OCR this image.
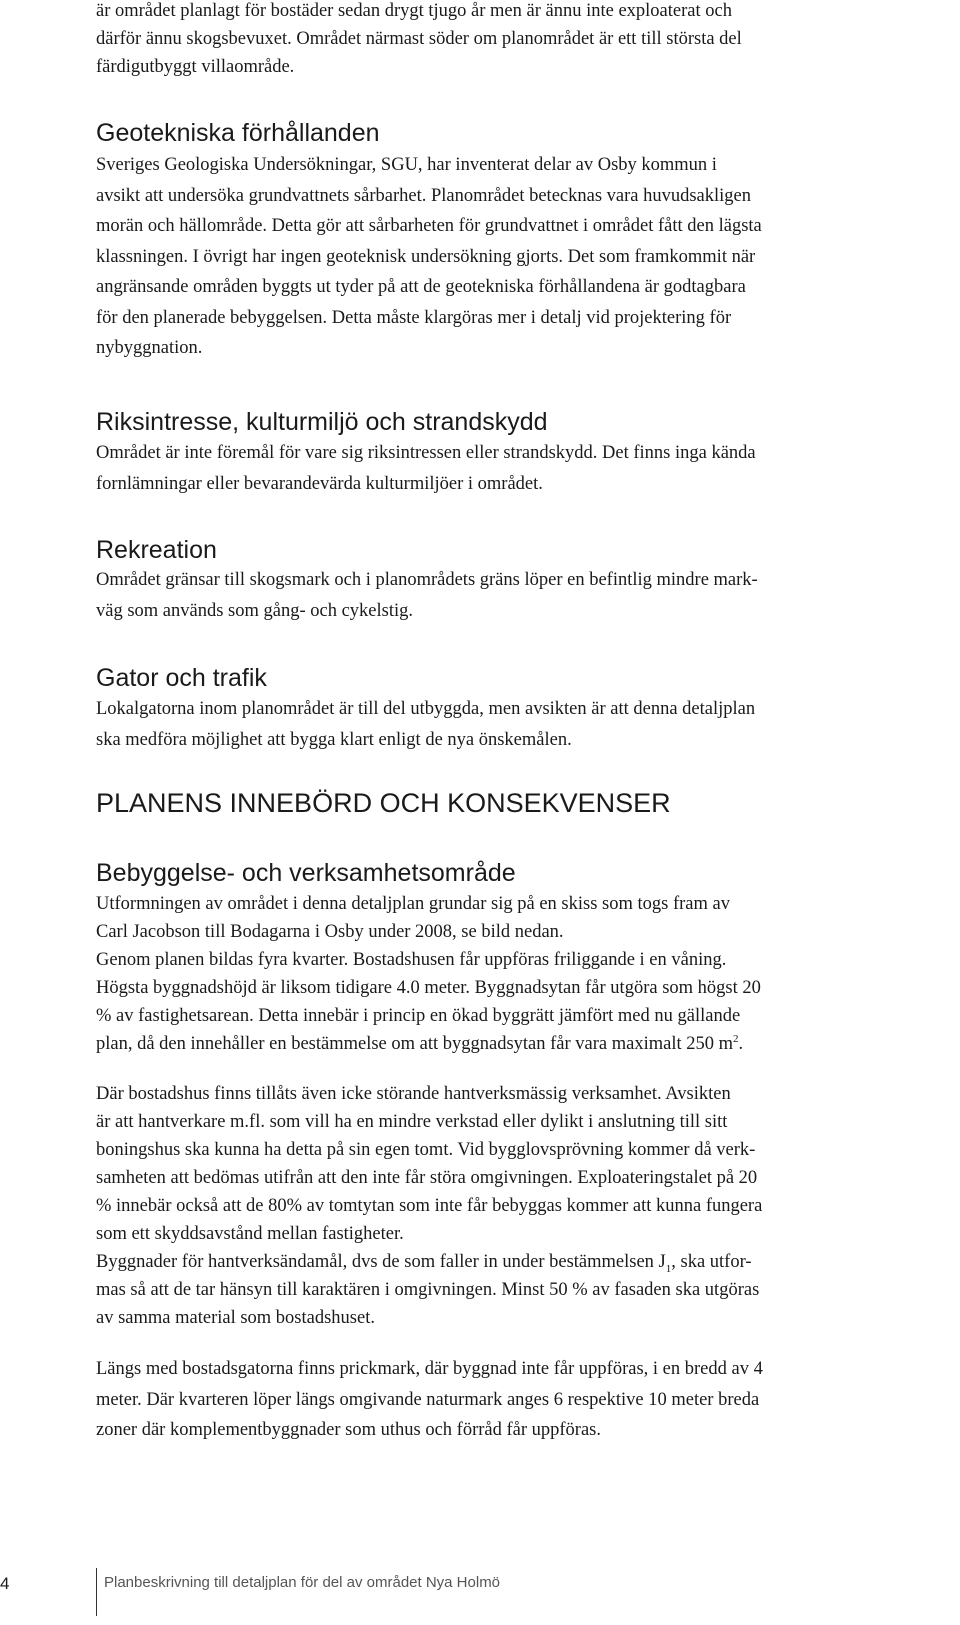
är området planlagt för bostäder sedan drygt tjugo år men är ännu inte exploaterat och

därför ännu skogsbevuxet. Området närmast söder om planområdet är ett till största del

färdigutbyggt villaområde.

Geotekniska förhållanden

Sveriges Geologiska Undersökningar, SGU, har inventerat delar av Osby kommun i

avsikt att undersöka grundvattnets sårbarhet. Planområdet betecknas vara huvudsakligen

morän och hällområde. Detta gör att sårbarheten för grundvattnet i området fått den lägsta

klassningen. I övrigt har ingen geoteknisk undersökning gjorts. Det som framkommit när

angränsande områden byggts ut tyder på att de geotekniska förhållandena är godtagbara

för den planerade bebyggelsen. Detta måste klargöras mer i detalj vid projektering för

nybyggnation.

Riksintresse, kulturmiljö och strandskydd

Området är inte föremål för vare sig riksintressen eller strandskydd. Det finns inga kända

fornlämningar eller bevarandevärda kulturmiljöer i området.

Rekreation

Området gränsar till skogsmark och i planområdets gräns löper en befintlig mindre mark-

väg som används som gång- och cykelstig.

Gator och trafik

Lokalgatorna inom planområdet är till del utbyggda, men avsikten är att denna detaljplan

ska medföra möjlighet att bygga klart enligt de nya önskemålen.

PLANENS INNEBÖRD OCH KONSEKVENSER
Bebyggelse- och verksamhetsområde

Utformningen av området i denna detaljplan grundar sig på en skiss som togs fram av

Carl Jacobson till Bodagarna i Osby under 2008, se bild nedan.

Genom planen bildas fyra kvarter. Bostadshusen får uppföras friliggande i en våning.

Högsta byggnadshöjd är liksom tidigare 4.0 meter. Byggnadsytan får utgöra som högst 20

% av fastighetsarean. Detta innebär i princip en ökad byggrätt jämfört med nu gällande

plan, då den innehåller en bestämmelse om att byggnadsytan får vara maximalt 250 $m^2$.

Där bostadshus finns tillåts även icke störande hantverksmässig verksamhet. Avsikten

är att hantverkare m.fl. som vill ha en mindre verkstad eller dylikt i anslutning till sitt

boningshus ska kunna ha detta på sin egen tomt. Vid bygglovsprövning kommer då verk-

samheten att bedömas utifrån att den inte får störa omgivningen. Exploateringstalet på 20

% innebär också att de 80% av tomtytan som inte får bebyggas kommer att kunna fungera

som ett skyddsavstånd mellan fastigheter.

Byggnader för hantverksändamål, dvs de som faller in under bestämmelsen $J_1$, ska utfor-

mas så att de tar hänsyn till karaktären i omgivningen. Minst 50 % av fasaden ska utgöras

av samma material som bostadshuset.

Längs med bostadsgatorna finns prickmark, där byggnad inte får uppföras, i en bredd av 4

meter. Där kvarteren löper längs omgivande naturmark anges 6 respektive 10 meter breda

zoner där komplementbyggnader som uthus och förråd får uppföras.

4	Planbeskrivning till detaljplan för del av området Nya Holmö
